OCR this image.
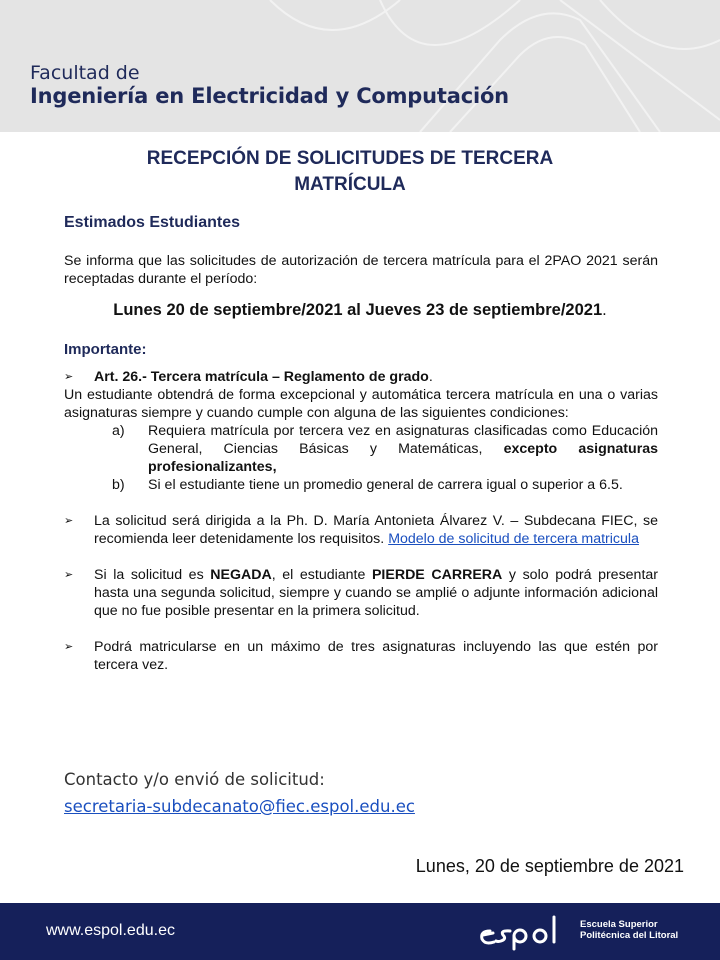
Facultad de
Ingeniería en Electricidad y Computación
RECEPCIÓN DE SOLICITUDES DE TERCERA
MATRÍCULA
Estimados Estudiantes
Se informa que las solicitudes de autorización de tercera matrícula para el 2PAO 2021 serán receptadas durante el período:
Lunes 20 de septiembre/2021 al Jueves 23 de septiembre/2021.
Importante:
➢	Art. 26.- Tercera matrícula – Reglamento de grado.
Un estudiante obtendrá de forma excepcional y automática tercera matrícula en una o varias asignaturas siempre y cuando cumple con alguna de las siguientes condiciones:
a)	Requiera matrícula por tercera vez en asignaturas clasificadas como Educación General, Ciencias Básicas y Matemáticas, excepto asignaturas profesionalizantes,
b)	Si el estudiante tiene un promedio general de carrera igual o superior a 6.5.
➢	La solicitud será dirigida a la Ph. D. María Antonieta Álvarez V. – Subdecana FIEC, se recomienda leer detenidamente los requisitos. Modelo de solicitud de tercera matricula
➢	Si la solicitud es NEGADA, el estudiante PIERDE CARRERA y solo podrá presentar hasta una segunda solicitud, siempre y cuando se amplié o adjunte información adicional que no fue posible presentar en la primera solicitud.
➢	Podrá matricularse en un máximo de tres asignaturas incluyendo las que estén por tercera vez.
Contacto y/o envió de solicitud:
secretaria-subdecanato@fiec.espol.edu.ec
Lunes, 20 de septiembre de 2021
www.espol.edu.ec	Escuela Superior
Politécnica del Litoral
